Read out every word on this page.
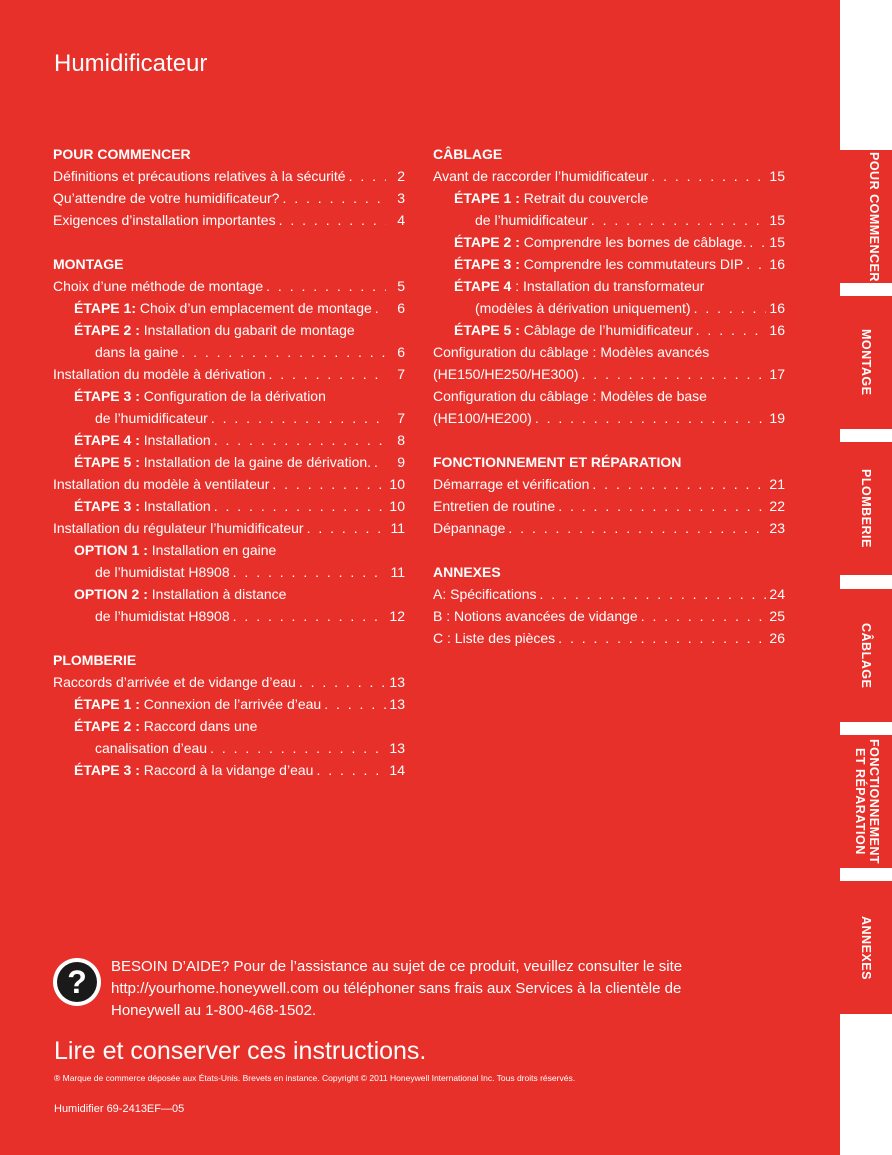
Humidificateur
POUR COMMENCER
Définitions et précautions relatives à la sécurité . . .	2
Qu’attendre de votre humidificateur? . . .	3
Exigences d’installation importantes . . .	4
MONTAGE
Choix d’une méthode de montage . . .	5
ÉTAPE 1: Choix d’un emplacement de montage . . .	6
ÉTAPE 2 : Installation du gabarit de montage
dans la gaine . . .	6
Installation du modèle à dérivation . . .	7
ÉTAPE 3 : Configuration de la dérivation
de l’humidificateur . . .	7
ÉTAPE 4 : Installation . . .	8
ÉTAPE 5 : Installation de la gaine de dérivation. . . .	9
Installation du modèle à ventilateur . . .	10
ÉTAPE 3 : Installation . . .	10
Installation du régulateur l’humidificateur . . .	11
OPTION 1 : Installation en gaine
de l’humidistat H8908 . . .	11
OPTION 2 : Installation à distance
de l’humidistat H8908 . . .	12
PLOMBERIE
Raccords d’arrivée et de vidange d’eau . . .	13
ÉTAPE 1 : Connexion de l’arrivée d’eau . . .	13
ÉTAPE 2 : Raccord dans une
canalisation d’eau . . .	13
ÉTAPE 3 : Raccord à la vidange d’eau . . .	14
CÂBLAGE
Avant de raccorder l’humidificateur . . .	15
ÉTAPE 1 : Retrait du couvercle
de l’humidificateur . . .	15
ÉTAPE 2 : Comprendre les bornes de câblage. . . . 15
ÉTAPE 3 : Comprendre les commutateurs DIP . . . 16
ÉTAPE 4 : Installation du transformateur
(modèles à dérivation uniquement) . . .	16
ÉTAPE 5 : Câblage de l’humidificateur . . .	16
Configuration du câblage : Modèles avancés
(HE150/HE250/HE300) . . .	17
Configuration du câblage : Modèles de base
(HE100/HE200) . . .	19
FONCTIONNEMENT ET RÉPARATION
Démarrage et vérification . . .	21
Entretien de routine . . .	22
Dépannage . . .	23
ANNEXES
A: Spécifications . . .	24
B : Notions avancées de vidange . . .	25
C : Liste des pièces . . .	26
?	BESOIN D’AIDE? Pour de l’assistance au sujet de ce produit, veuillez consulter le site
http://yourhome.honeywell.com ou téléphoner sans frais aux Services à la clientèle de
Honeywell au 1-800-468-1502.
Lire et conserver ces instructions.
® Marque de commerce déposée aux États-Unis. Brevets en instance. Copyright © 2011 Honeywell International Inc. Tous droits réservés.
Humidifier 69-2413EF—05
POUR COMMENCER
MONTAGE
PLOMBERIE
CÂBLAGE
FONCTIONNEMENT ET RÉPARATION
ANNEXES
